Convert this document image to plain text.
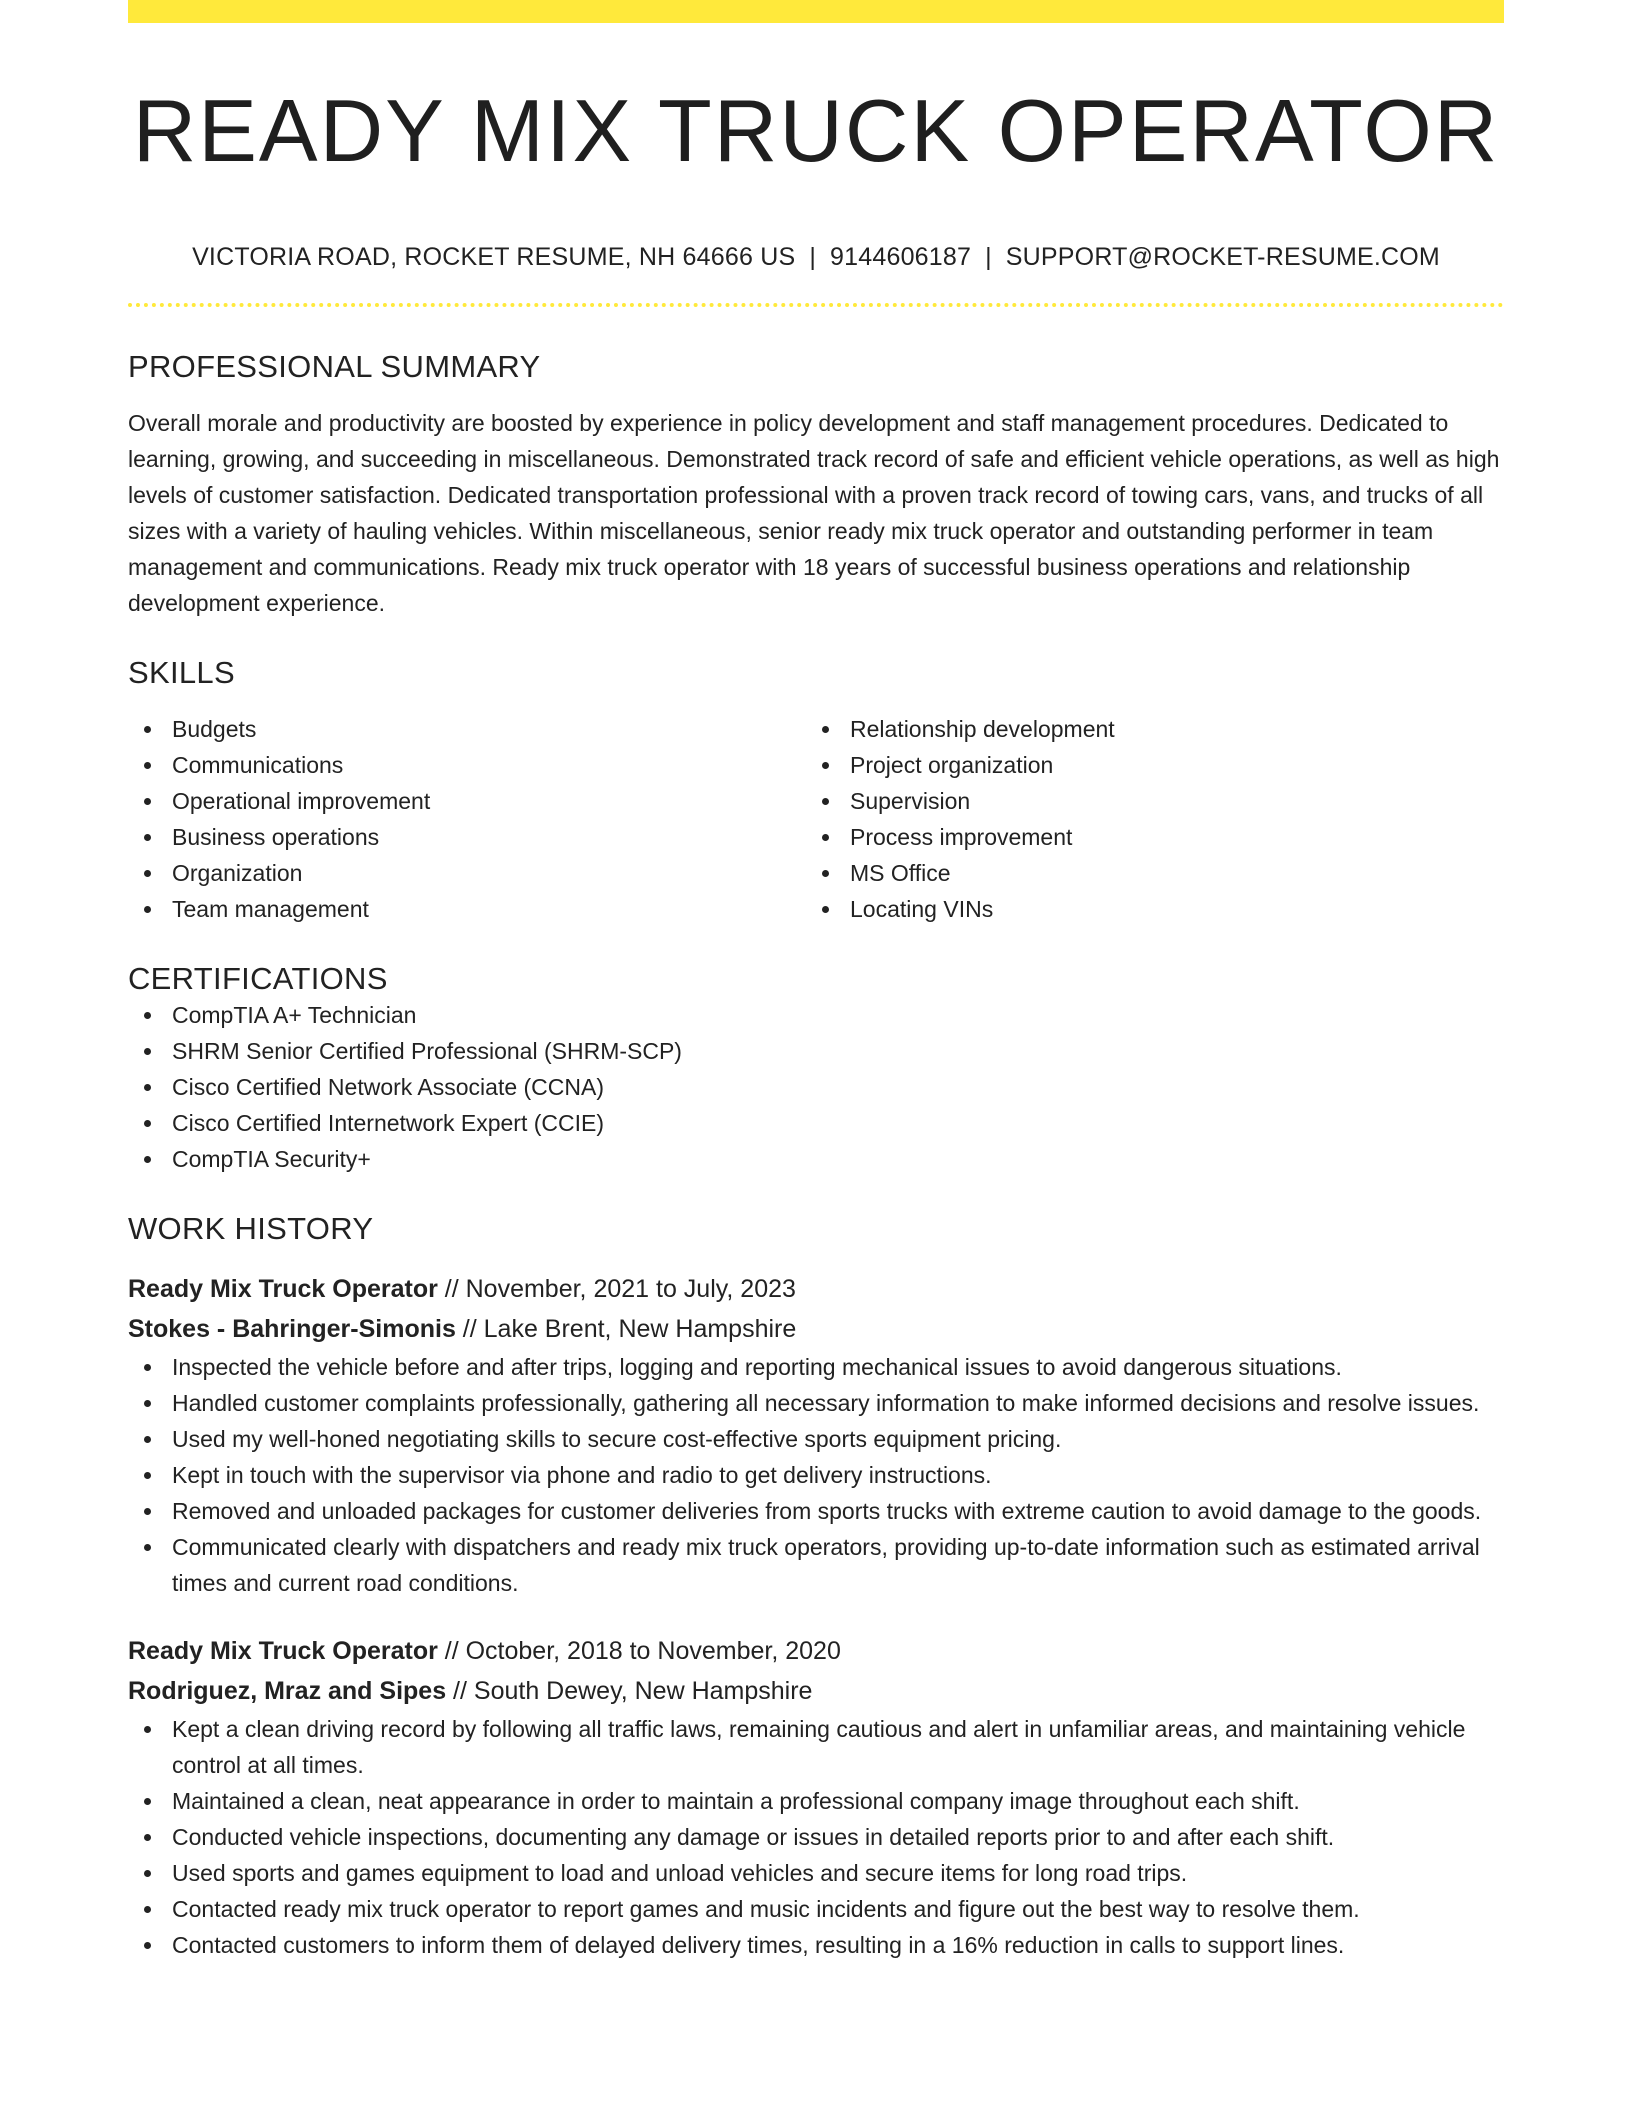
READY MIX TRUCK OPERATOR
VICTORIA ROAD, ROCKET RESUME, NH 64666 US | 9144606187 | SUPPORT@ROCKET-RESUME.COM
PROFESSIONAL SUMMARY

Overall morale and productivity are boosted by experience in policy development and staff management procedures. Dedicated to learning, growing, and succeeding in miscellaneous. Demonstrated track record of safe and efficient vehicle operations, as well as high levels of customer satisfaction. Dedicated transportation professional with a proven track record of towing cars, vans, and trucks of all sizes with a variety of hauling vehicles. Within miscellaneous, senior ready mix truck operator and outstanding performer in team management and communications. Ready mix truck operator with 18 years of successful business operations and relationship development experience.

SKILLS
Budgets
Communications
Operational improvement
Business operations
Organization
Team management
Relationship development
Project organization
Supervision
Process improvement
MS Office
Locating VINs
CERTIFICATIONS
CompTIA A+ Technician
SHRM Senior Certified Professional (SHRM-SCP)
Cisco Certified Network Associate (CCNA)
Cisco Certified Internetwork Expert (CCIE)
CompTIA Security+
WORK HISTORY
Ready Mix Truck Operator // November, 2021 to July, 2023
Stokes - Bahringer-Simonis // Lake Brent, New Hampshire
Inspected the vehicle before and after trips, logging and reporting mechanical issues to avoid dangerous situations.
Handled customer complaints professionally, gathering all necessary information to make informed decisions and resolve issues.
Used my well-honed negotiating skills to secure cost-effective sports equipment pricing.
Kept in touch with the supervisor via phone and radio to get delivery instructions.
Removed and unloaded packages for customer deliveries from sports trucks with extreme caution to avoid damage to the goods.
Communicated clearly with dispatchers and ready mix truck operators, providing up-to-date information such as estimated arrival times and current road conditions.
Ready Mix Truck Operator // October, 2018 to November, 2020
Rodriguez, Mraz and Sipes // South Dewey, New Hampshire
Kept a clean driving record by following all traffic laws, remaining cautious and alert in unfamiliar areas, and maintaining vehicle control at all times.
Maintained a clean, neat appearance in order to maintain a professional company image throughout each shift.
Conducted vehicle inspections, documenting any damage or issues in detailed reports prior to and after each shift.
Used sports and games equipment to load and unload vehicles and secure items for long road trips.
Contacted ready mix truck operator to report games and music incidents and figure out the best way to resolve them.
Contacted customers to inform them of delayed delivery times, resulting in a 16% reduction in calls to support lines.
